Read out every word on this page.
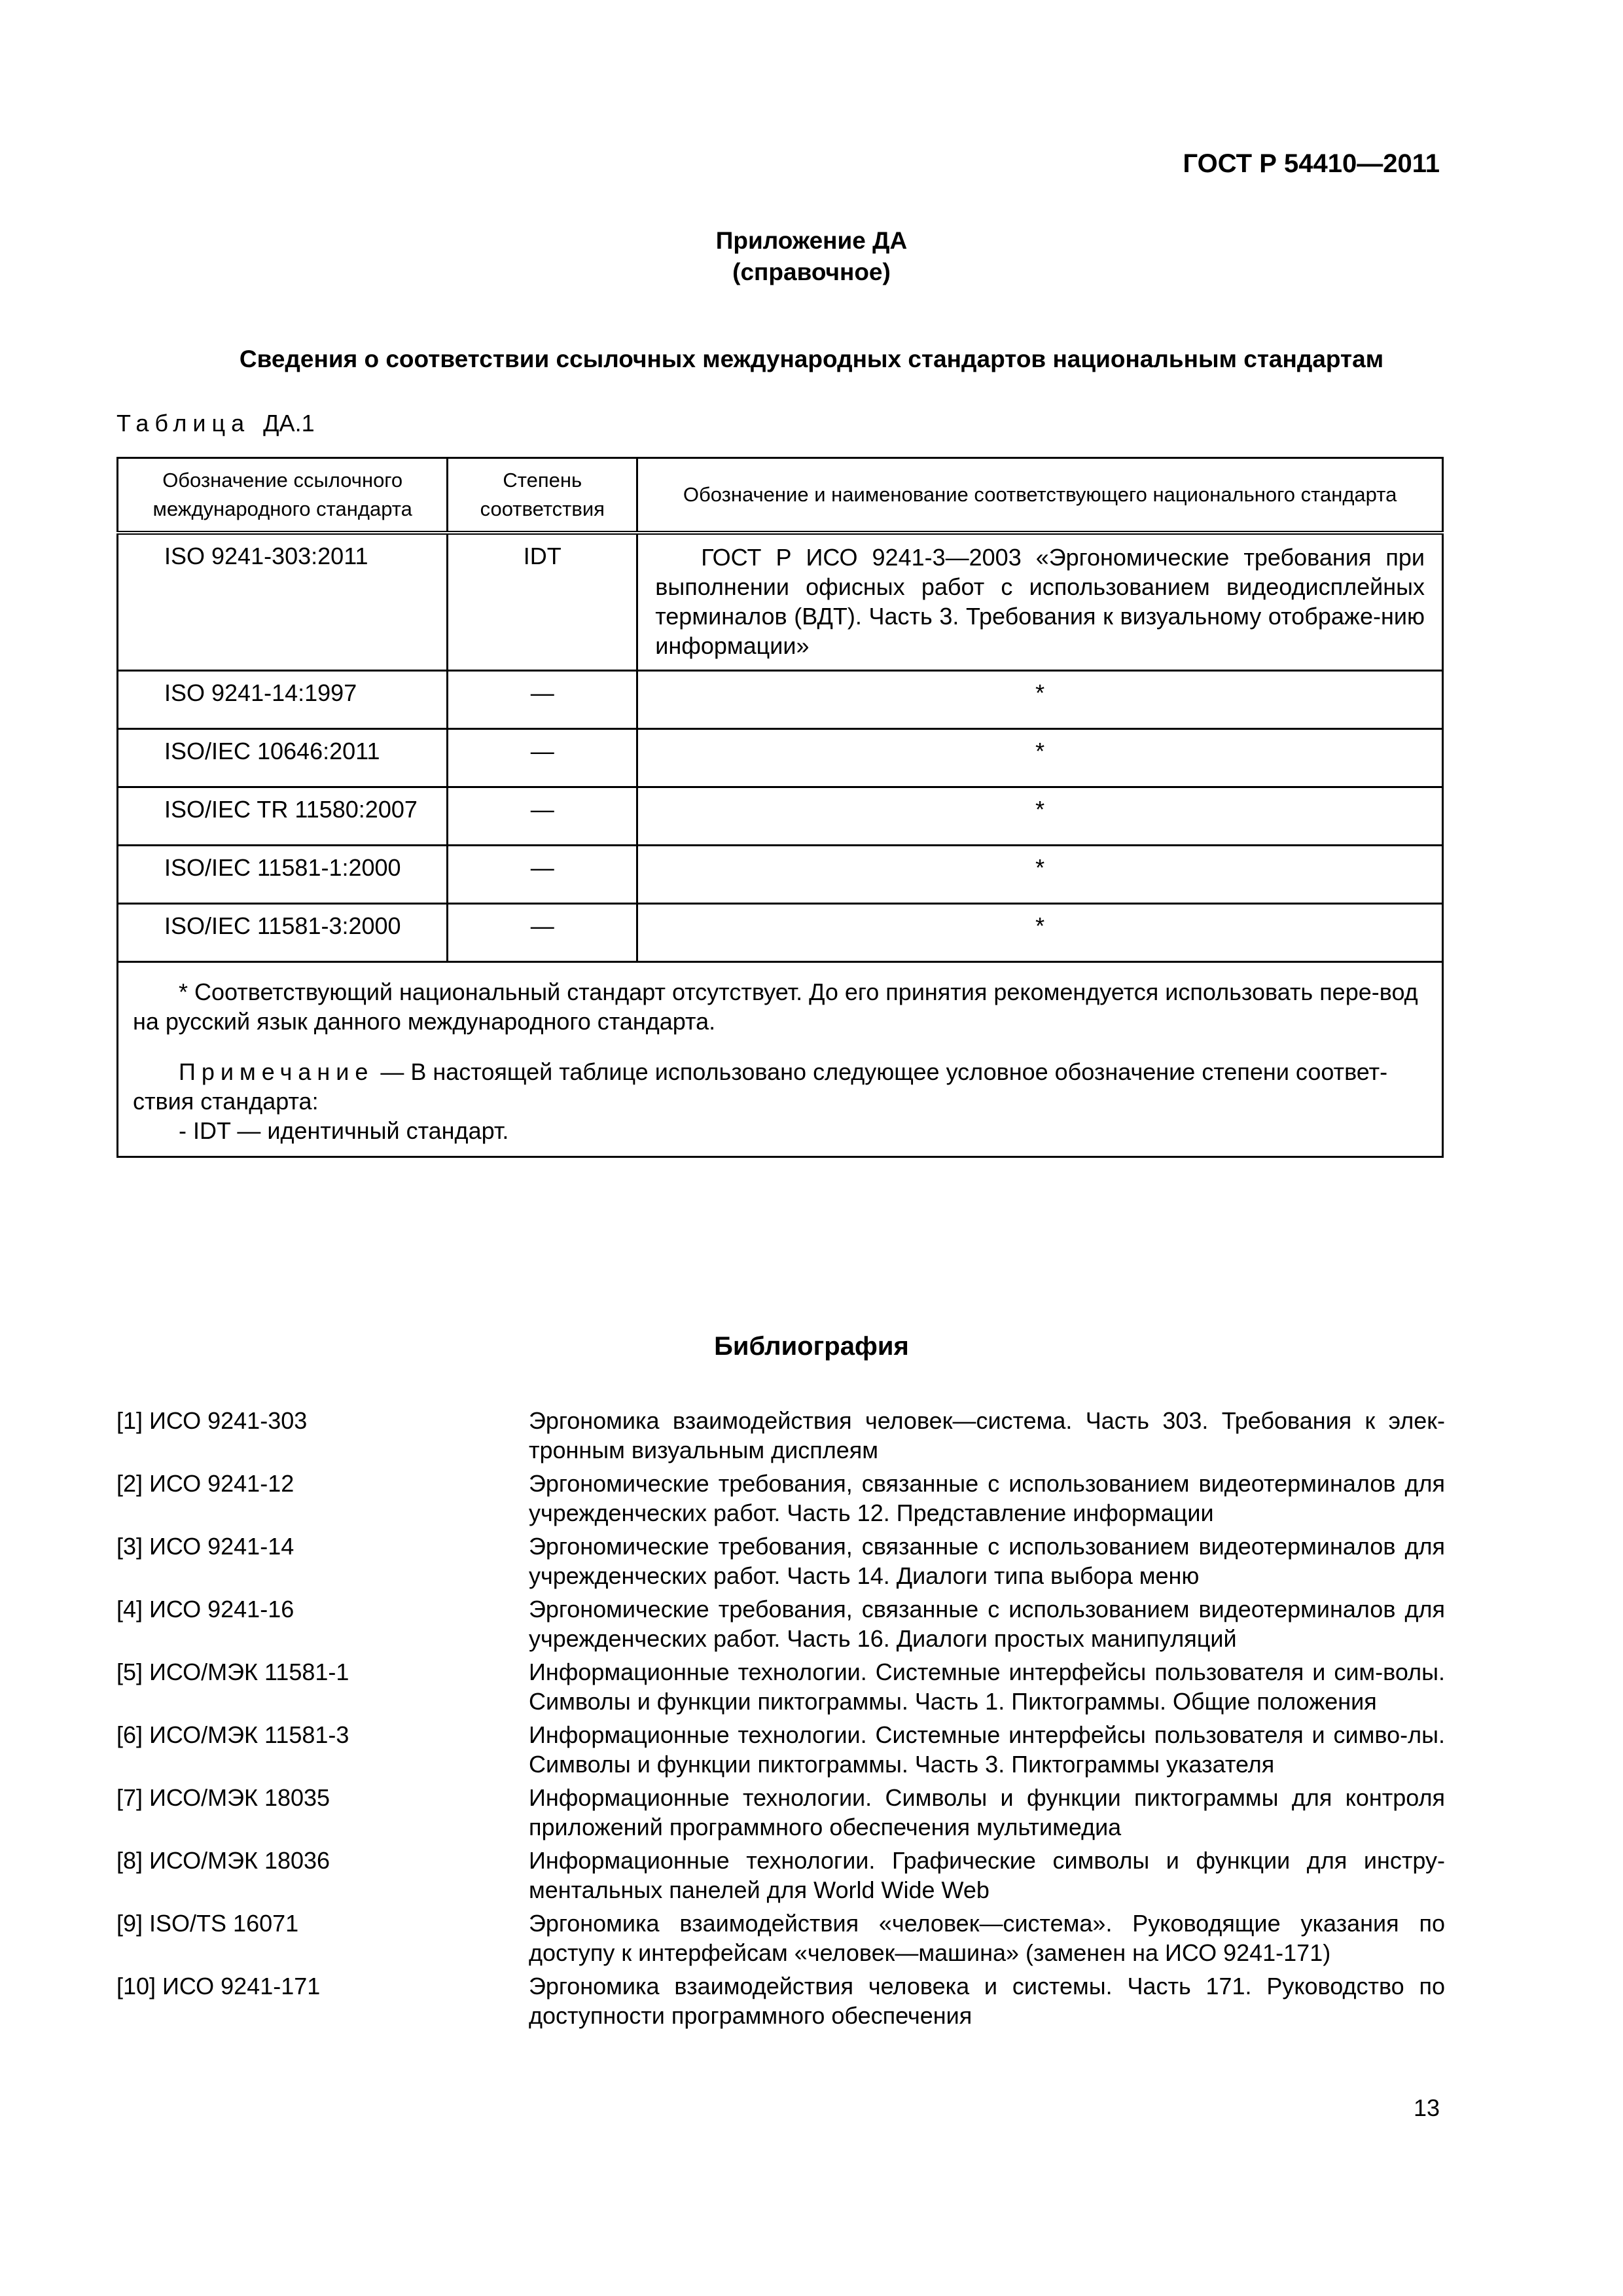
ГОСТ Р 54410—2011

Приложение ДА
(справочное)

Сведения о соответствии ссылочных международных стандартов национальным стандартам

Таблица ДА.1

Обозначение ссылочного международного стандарта	Степень соответствия	Обозначение и наименование соответствующего национального стандарта
ISO 9241-303:2011	IDT	ГОСТ Р ИСО 9241-3—2003 «Эргономические требования при выполнении офисных работ с использованием видеодисплейных терминалов (ВДТ). Часть 3. Требования к визуальному отображе-нию информации»
ISO 9241-14:1997	—	*
ISO/IEC 10646:2011	—	*
ISO/IEC TR 11580:2007	—	*
ISO/IEC 11581-1:2000	—	*
ISO/IEC 11581-3:2000	—	*

* Соответствующий национальный стандарт отсутствует. До его принятия рекомендуется использовать пере-вод на русский язык данного международного стандарта.

Примечание — В настоящей таблице использовано следующее условное обозначение степени соответ-ствия стандарта:

- IDT — идентичный стандарт.		

Библиография

[1] ИСО 9241-303	Эргономика взаимодействия человек—система. Часть 303. Требования к элек-тронным визуальным дисплеям
[2] ИСО 9241-12	Эргономические требования, связанные с использованием видеотерминалов для учрежденческих работ. Часть 12. Представление информации
[3] ИСО 9241-14	Эргономические требования, связанные с использованием видеотерминалов для учрежденческих работ. Часть 14. Диалоги типа выбора меню
[4] ИСО 9241-16	Эргономические требования, связанные с использованием видеотерминалов для учрежденческих работ. Часть 16. Диалоги простых манипуляций
[5] ИСО/МЭК 11581-1	Информационные технологии. Системные интерфейсы пользователя и сим-волы. Символы и функции пиктограммы. Часть 1. Пиктограммы. Общие положения
[6] ИСО/МЭК 11581-3	Информационные технологии. Системные интерфейсы пользователя и симво-лы. Символы и функции пиктограммы. Часть 3. Пиктограммы указателя
[7] ИСО/МЭК 18035	Информационные технологии. Символы и функции пиктограммы для контроля приложений программного обеспечения мультимедиа
[8] ИСО/МЭК 18036	Информационные технологии. Графические символы и функции для инстру-ментальных панелей для World Wide Web
[9] ISO/TS 16071	Эргономика взаимодействия «человек—система». Руководящие указания по доступу к интерфейсам «человек—машина» (заменен на ИСО 9241-171)
[10] ИСО 9241-171	Эргономика взаимодействия человека и системы. Часть 171. Руководство по доступности программного обеспечения

13
